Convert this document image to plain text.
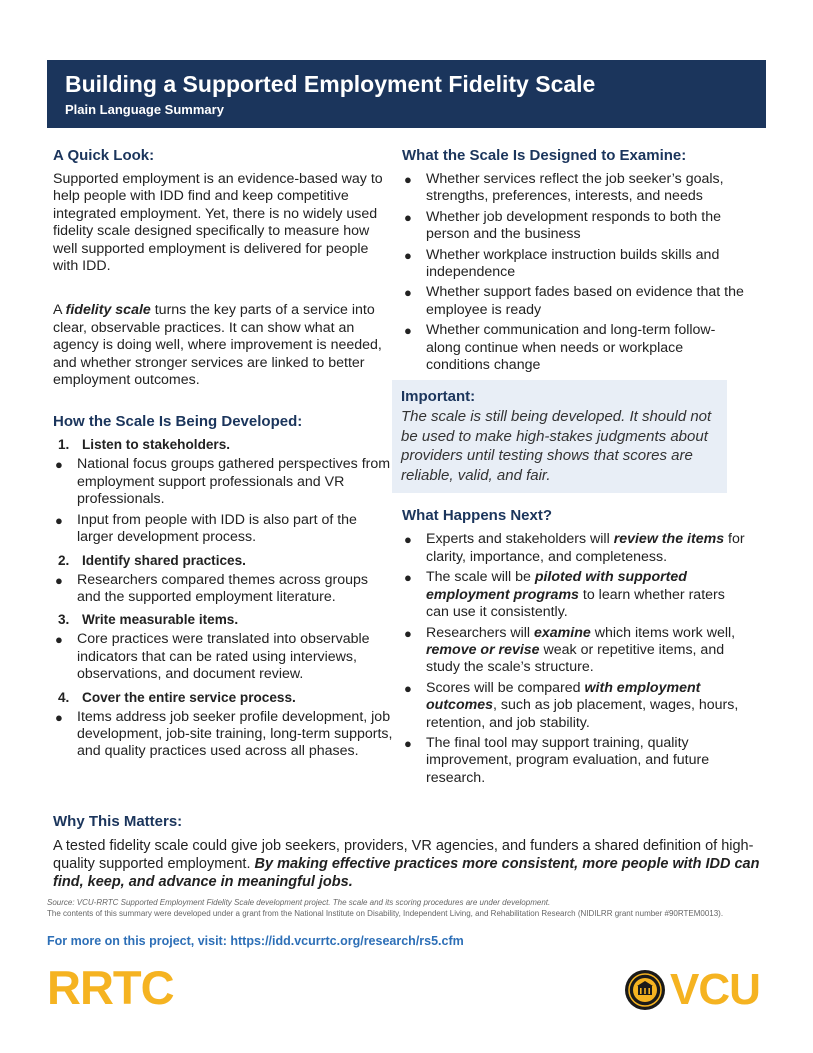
Building a Supported Employment Fidelity Scale
Plain Language Summary
A Quick Look:

Supported employment is an evidence-based way to help people with IDD find and keep competitive integrated employment. Yet, there is no widely used fidelity scale designed specifically to measure how well supported employment is delivered for people with IDD.

A fidelity scale turns the key parts of a service into clear, observable practices. It can show what an agency is doing well, where improvement is needed, and whether stronger services are linked to better employment outcomes.

How the Scale Is Being Developed:
1. Listen to stakeholders.
● National focus groups gathered perspectives from employment support professionals and VR professionals.
● Input from people with IDD is also part of the larger development process.
2. Identify shared practices.
● Researchers compared themes across groups and the supported employment literature.
3. Write measurable items.
● Core practices were translated into observable indicators that can be rated using interviews, observations, and document review.
4. Cover the entire service process.
● Items address job seeker profile development, job development, job-site training, long-term supports, and quality practices used across all phases.
What the Scale Is Designed to Examine:
● Whether services reflect the job seeker’s goals, strengths, preferences, interests, and needs
● Whether job development responds to both the person and the business
● Whether workplace instruction builds skills and independence
● Whether support fades based on evidence that the employee is ready
● Whether communication and long-term follow-along continue when needs or workplace conditions change
Important:

The scale is still being developed. It should not be used to make high-stakes judgments about providers until testing shows that scores are reliable, valid, and fair.

What Happens Next?
● Experts and stakeholders will review the items for clarity, importance, and completeness.
● The scale will be piloted with supported employment programs to learn whether raters can use it consistently.
● Researchers will examine which items work well, remove or revise weak or repetitive items, and study the scale’s structure.
● Scores will be compared with employment outcomes, such as job placement, wages, hours, retention, and job stability.
● The final tool may support training, quality improvement, program evaluation, and future research.
Why This Matters:

A tested fidelity scale could give job seekers, providers, VR agencies, and funders a shared definition of high-quality supported employment. By making effective practices more consistent, more people with IDD can find, keep, and advance in meaningful jobs.

Source: VCU-RRTC Supported Employment Fidelity Scale development project. The scale and its scoring procedures are under development.
The contents of this summary were developed under a grant from the National Institute on Disability, Independent Living, and Rehabilitation Research (NIDILRR grant number #90RTEM0013).
For more on this project, visit: https://idd.vcurrtc.org/research/rs5.cfm
RRTC	VCU
